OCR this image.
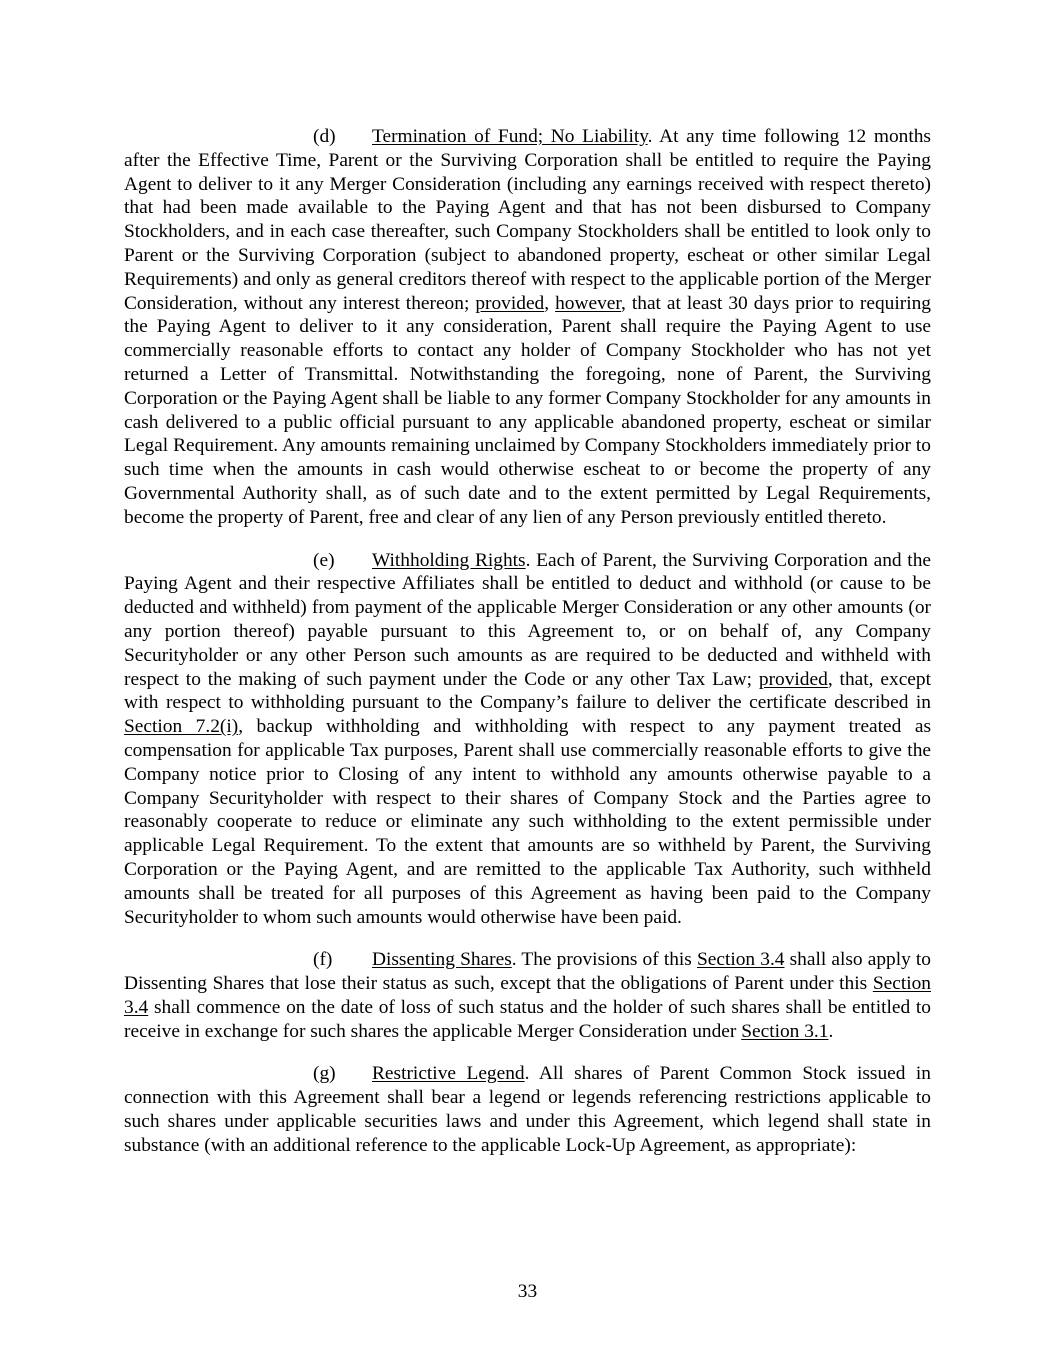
(d) Termination of Fund; No Liability. At any time following 12 months after the Effective Time, Parent or the Surviving Corporation shall be entitled to require the Paying Agent to deliver to it any Merger Consideration (including any earnings received with respect thereto) that had been made available to the Paying Agent and that has not been disbursed to Company Stockholders, and in each case thereafter, such Company Stockholders shall be entitled to look only to Parent or the Surviving Corporation (subject to abandoned property, escheat or other similar Legal Requirements) and only as general creditors thereof with respect to the applicable portion of the Merger Consideration, without any interest thereon; provided, however, that at least 30 days prior to requiring the Paying Agent to deliver to it any consideration, Parent shall require the Paying Agent to use commercially reasonable efforts to contact any holder of Company Stockholder who has not yet returned a Letter of Transmittal. Notwithstanding the foregoing, none of Parent, the Surviving Corporation or the Paying Agent shall be liable to any former Company Stockholder for any amounts in cash delivered to a public official pursuant to any applicable abandoned property, escheat or similar Legal Requirement. Any amounts remaining unclaimed by Company Stockholders immediately prior to such time when the amounts in cash would otherwise escheat to or become the property of any Governmental Authority shall, as of such date and to the extent permitted by Legal Requirements, become the property of Parent, free and clear of any lien of any Person previously entitled thereto.

(e) Withholding Rights. Each of Parent, the Surviving Corporation and the Paying Agent and their respective Affiliates shall be entitled to deduct and withhold (or cause to be deducted and withheld) from payment of the applicable Merger Consideration or any other amounts (or any portion thereof) payable pursuant to this Agreement to, or on behalf of, any Company Securityholder or any other Person such amounts as are required to be deducted and withheld with respect to the making of such payment under the Code or any other Tax Law; provided, that, except with respect to withholding pursuant to the Company’s failure to deliver the certificate described in Section 7.2(i), backup withholding and withholding with respect to any payment treated as compensation for applicable Tax purposes, Parent shall use commercially reasonable efforts to give the Company notice prior to Closing of any intent to withhold any amounts otherwise payable to a Company Securityholder with respect to their shares of Company Stock and the Parties agree to reasonably cooperate to reduce or eliminate any such withholding to the extent permissible under applicable Legal Requirement. To the extent that amounts are so withheld by Parent, the Surviving Corporation or the Paying Agent, and are remitted to the applicable Tax Authority, such withheld amounts shall be treated for all purposes of this Agreement as having been paid to the Company Securityholder to whom such amounts would otherwise have been paid.

(f) Dissenting Shares. The provisions of this Section 3.4 shall also apply to Dissenting Shares that lose their status as such, except that the obligations of Parent under this Section 3.4 shall commence on the date of loss of such status and the holder of such shares shall be entitled to receive in exchange for such shares the applicable Merger Consideration under Section 3.1.

(g) Restrictive Legend. All shares of Parent Common Stock issued in connection with this Agreement shall bear a legend or legends referencing restrictions applicable to such shares under applicable securities laws and under this Agreement, which legend shall state in substance (with an additional reference to the applicable Lock-Up Agreement, as appropriate):

33
